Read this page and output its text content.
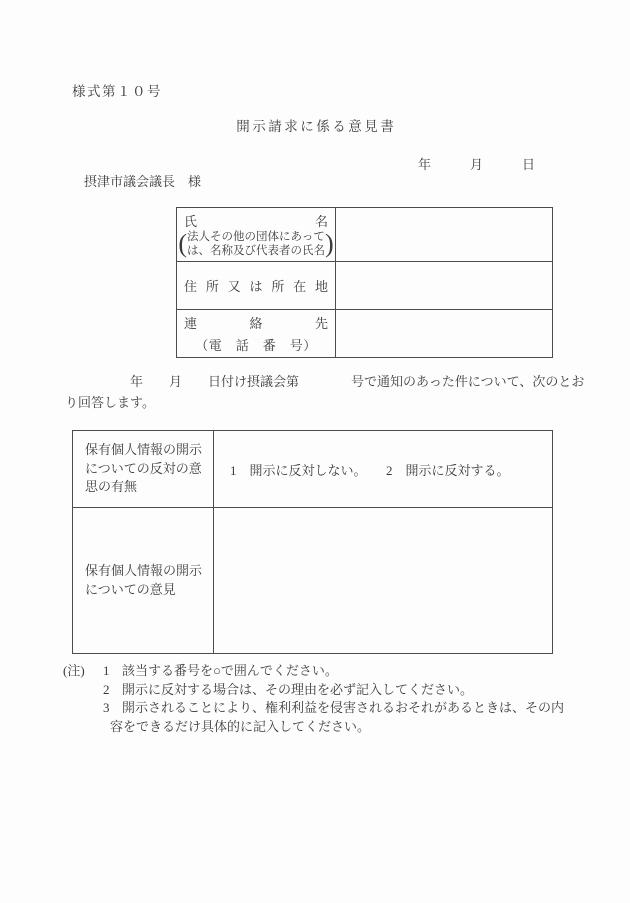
様式第１０号
開示請求に係る意見書
年　　　月　　　日
摂津市議会議長　様
氏名
( 法人その他の団体にあって
は、名称及び代表者の氏名 )	

住所又は所在地	

連絡先
（電　話　番　号）	

　　　　　年　　月　　日付け摂議会第　　　　号で通知のあった件について、次のとおり回答します。
保有個人情報の開示についての反対の意思の有無	1　開示に反対しない。　　2　開示に反対する。
保有個人情報の開示についての意見	
(注)	1 該当する番号を○で囲んでください。
2 開示に反対する場合は、その理由を必ず記入してください。
3 開示されることにより、権利利益を侵害されるおそれがあるときは、その内容をできるだけ具体的に記入してください。
